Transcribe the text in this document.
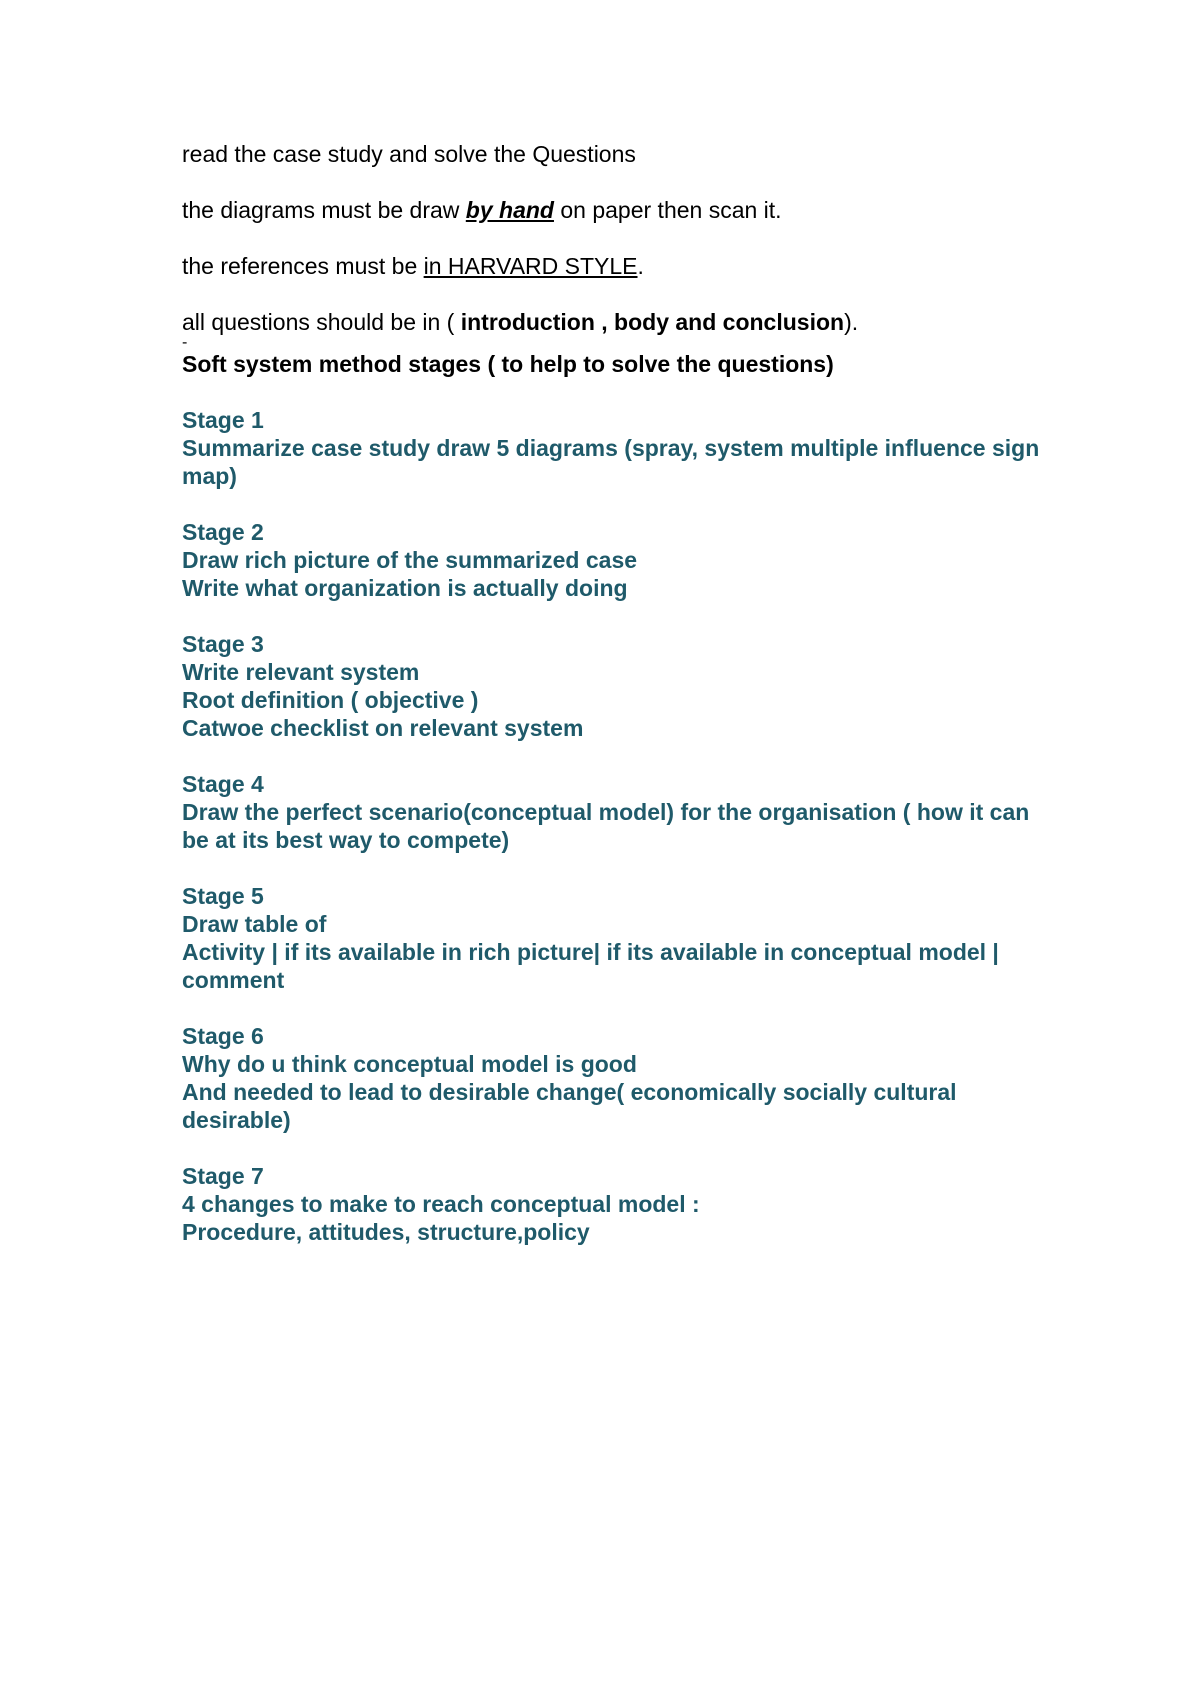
read the case study and solve the Questions

the diagrams must be draw by hand on paper then scan it.

the references must be in HARVARD STYLE.

all questions should be in ( introduction , body and conclusion).

-

Soft system method stages ( to help to solve the questions)

Stage 1

Summarize case study draw 5 diagrams (spray, system multiple influence sign map)

Stage 2

Draw rich picture of the summarized case

Write what organization is actually doing

Stage 3

Write relevant system

Root definition ( objective )

Catwoe checklist on relevant system

Stage 4

Draw the perfect scenario(conceptual model) for the organisation ( how it can be at its best way to compete)

Stage 5

Draw table of

Activity | if its available in rich picture| if its available in conceptual model | comment

Stage 6

Why do u think conceptual model is good

And needed to lead to desirable change( economically socially cultural desirable)

Stage 7

4 changes to make to reach conceptual model :

Procedure, attitudes, structure,policy
